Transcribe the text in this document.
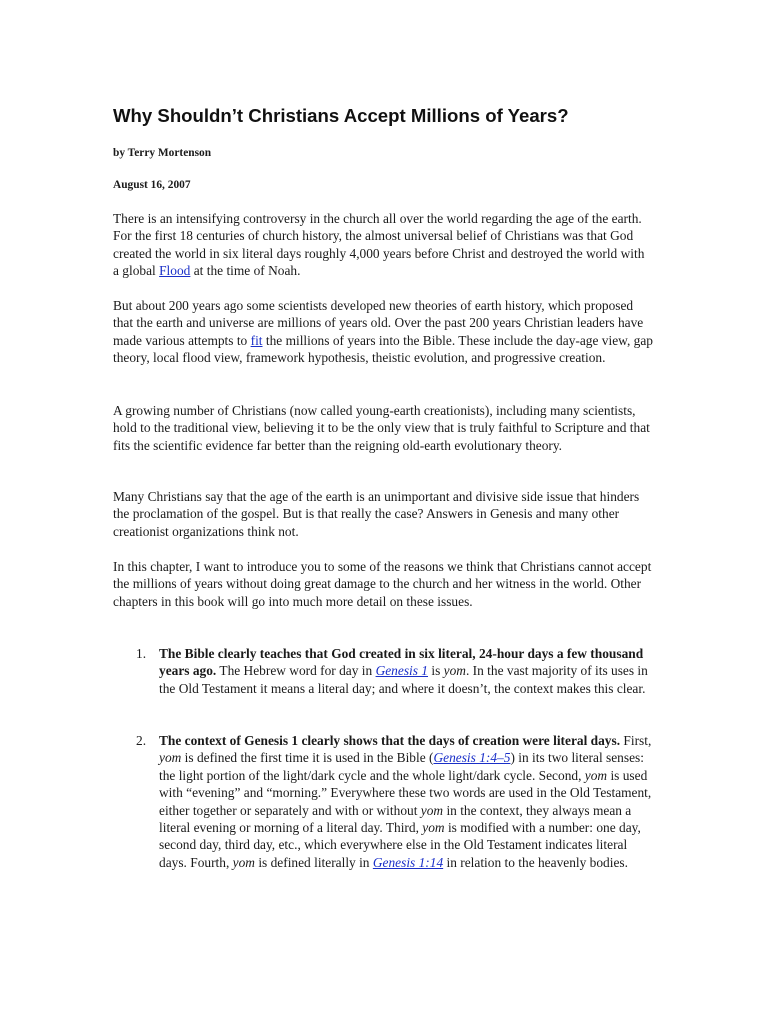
Why Shouldn’t Christians Accept Millions of Years?

by Terry Mortenson

August 16, 2007

There is an intensifying controversy in the church all over the world regarding the age of the earth. For the first 18 centuries of church history, the almost universal belief of Christians was that God created the world in six literal days roughly 4,000 years before Christ and destroyed the world with a global Flood at the time of Noah.

But about 200 years ago some scientists developed new theories of earth history, which proposed that the earth and universe are millions of years old. Over the past 200 years Christian leaders have made various attempts to fit the millions of years into the Bible. These include the day-age view, gap theory, local flood view, framework hypothesis, theistic evolution, and progressive creation.

A growing number of Christians (now called young-earth creationists), including many scientists, hold to the traditional view, believing it to be the only view that is truly faithful to Scripture and that fits the scientific evidence far better than the reigning old-earth evolutionary theory.

Many Christians say that the age of the earth is an unimportant and divisive side issue that hinders the proclamation of the gospel. But is that really the case? Answers in Genesis and many other creationist organizations think not.

In this chapter, I want to introduce you to some of the reasons we think that Christians cannot accept the millions of years without doing great damage to the church and her witness in the world. Other chapters in this book will go into much more detail on these issues.

1. The Bible clearly teaches that God created in six literal, 24-hour days a few thousand years ago. The Hebrew word for day in Genesis 1 is yom. In the vast majority of its uses in the Old Testament it means a literal day; and where it doesn’t, the context makes this clear.
2. The context of Genesis 1 clearly shows that the days of creation were literal days. First, yom is defined the first time it is used in the Bible (Genesis 1:4–5) in its two literal senses: the light portion of the light/dark cycle and the whole light/dark cycle. Second, yom is used with “evening” and “morning.” Everywhere these two words are used in the Old Testament, either together or separately and with or without yom in the context, they always mean a literal evening or morning of a literal day. Third, yom is modified with a number: one day, second day, third day, etc., which everywhere else in the Old Testament indicates literal days. Fourth, yom is defined literally in Genesis 1:14 in relation to the heavenly bodies.
